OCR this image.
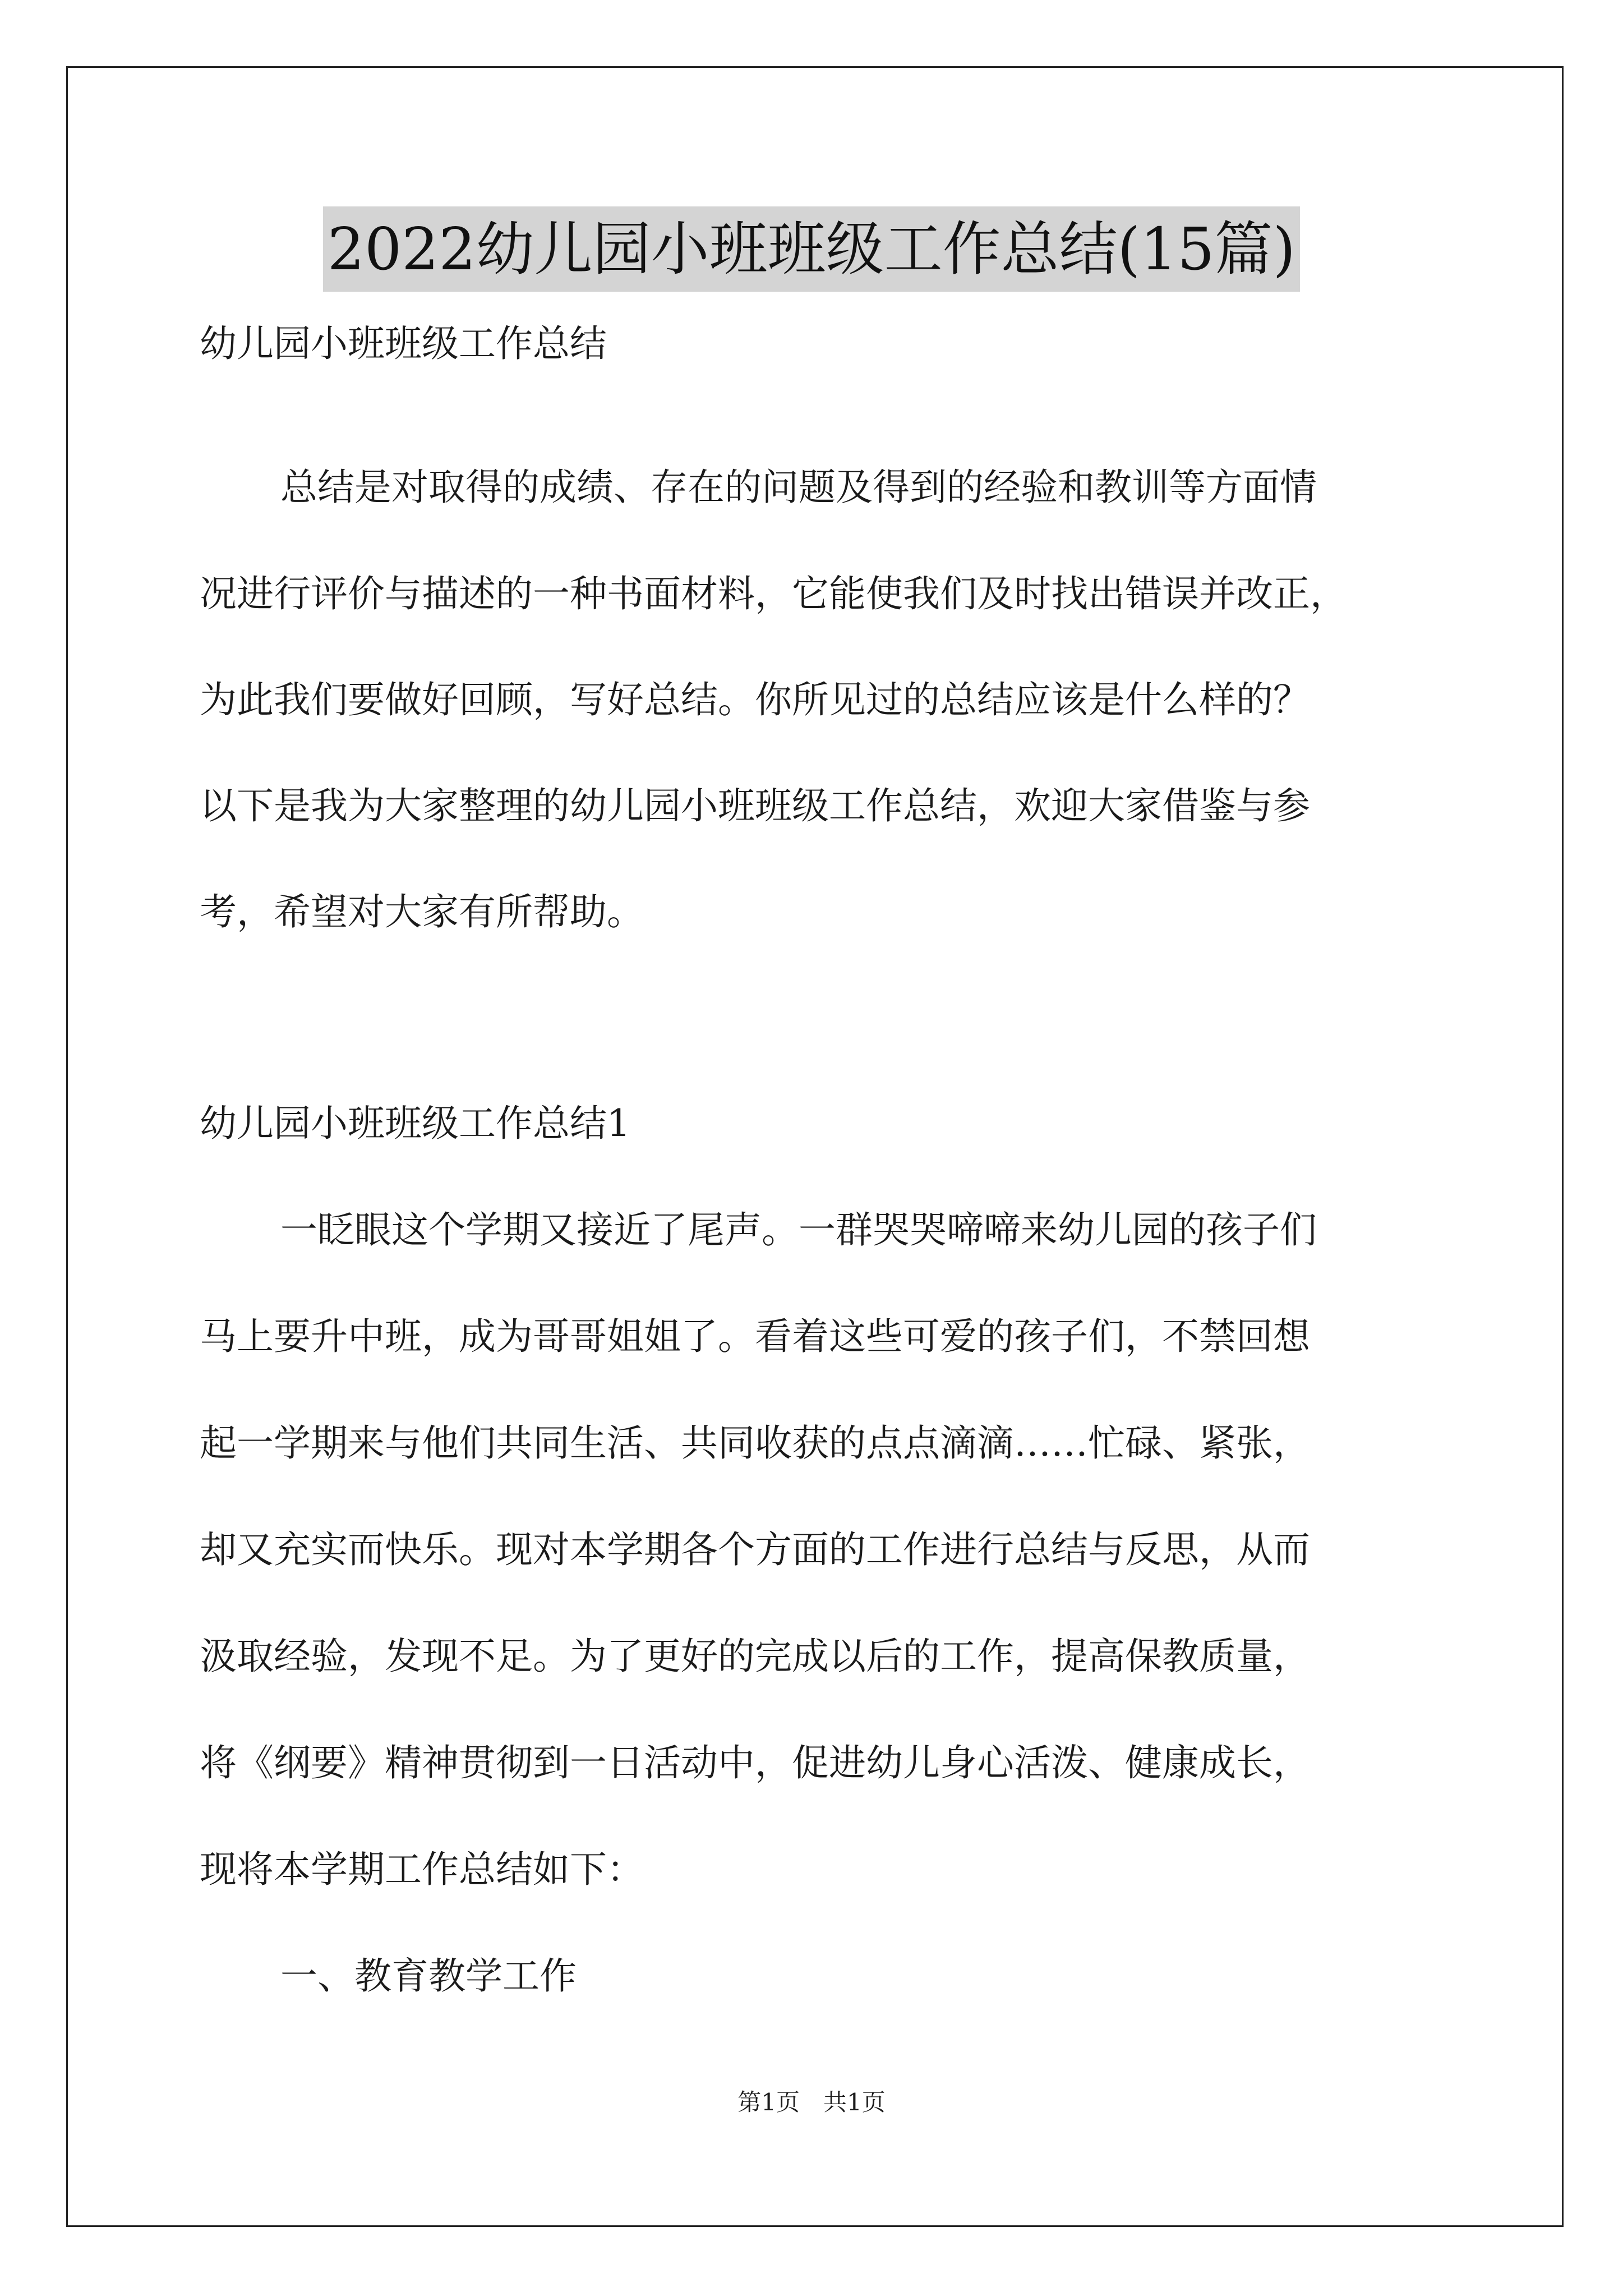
2022幼儿园小班班级工作总结(15篇)
幼儿园小班班级工作总结
总结是对取得的成绩、存在的问题及得到的经验和教训等方面情
况进行评价与描述的一种书面材料，它能使我们及时找出错误并改正，
为此我们要做好回顾，写好总结。你所见过的总结应该是什么样的？
以下是我为大家整理的幼儿园小班班级工作总结，欢迎大家借鉴与参
考，希望对大家有所帮助。
幼儿园小班班级工作总结1
一眨眼这个学期又接近了尾声。一群哭哭啼啼来幼儿园的孩子们
马上要升中班，成为哥哥姐姐了。看着这些可爱的孩子们，不禁回想
起一学期来与他们共同生活、共同收获的点点滴滴……忙碌、紧张，
却又充实而快乐。现对本学期各个方面的工作进行总结与反思，从而
汲取经验，发现不足。为了更好的完成以后的工作，提高保教质量，
将《纲要》精神贯彻到一日活动中，促进幼儿身心活泼、健康成长，
现将本学期工作总结如下：
一、教育教学工作
第1页　共1页
